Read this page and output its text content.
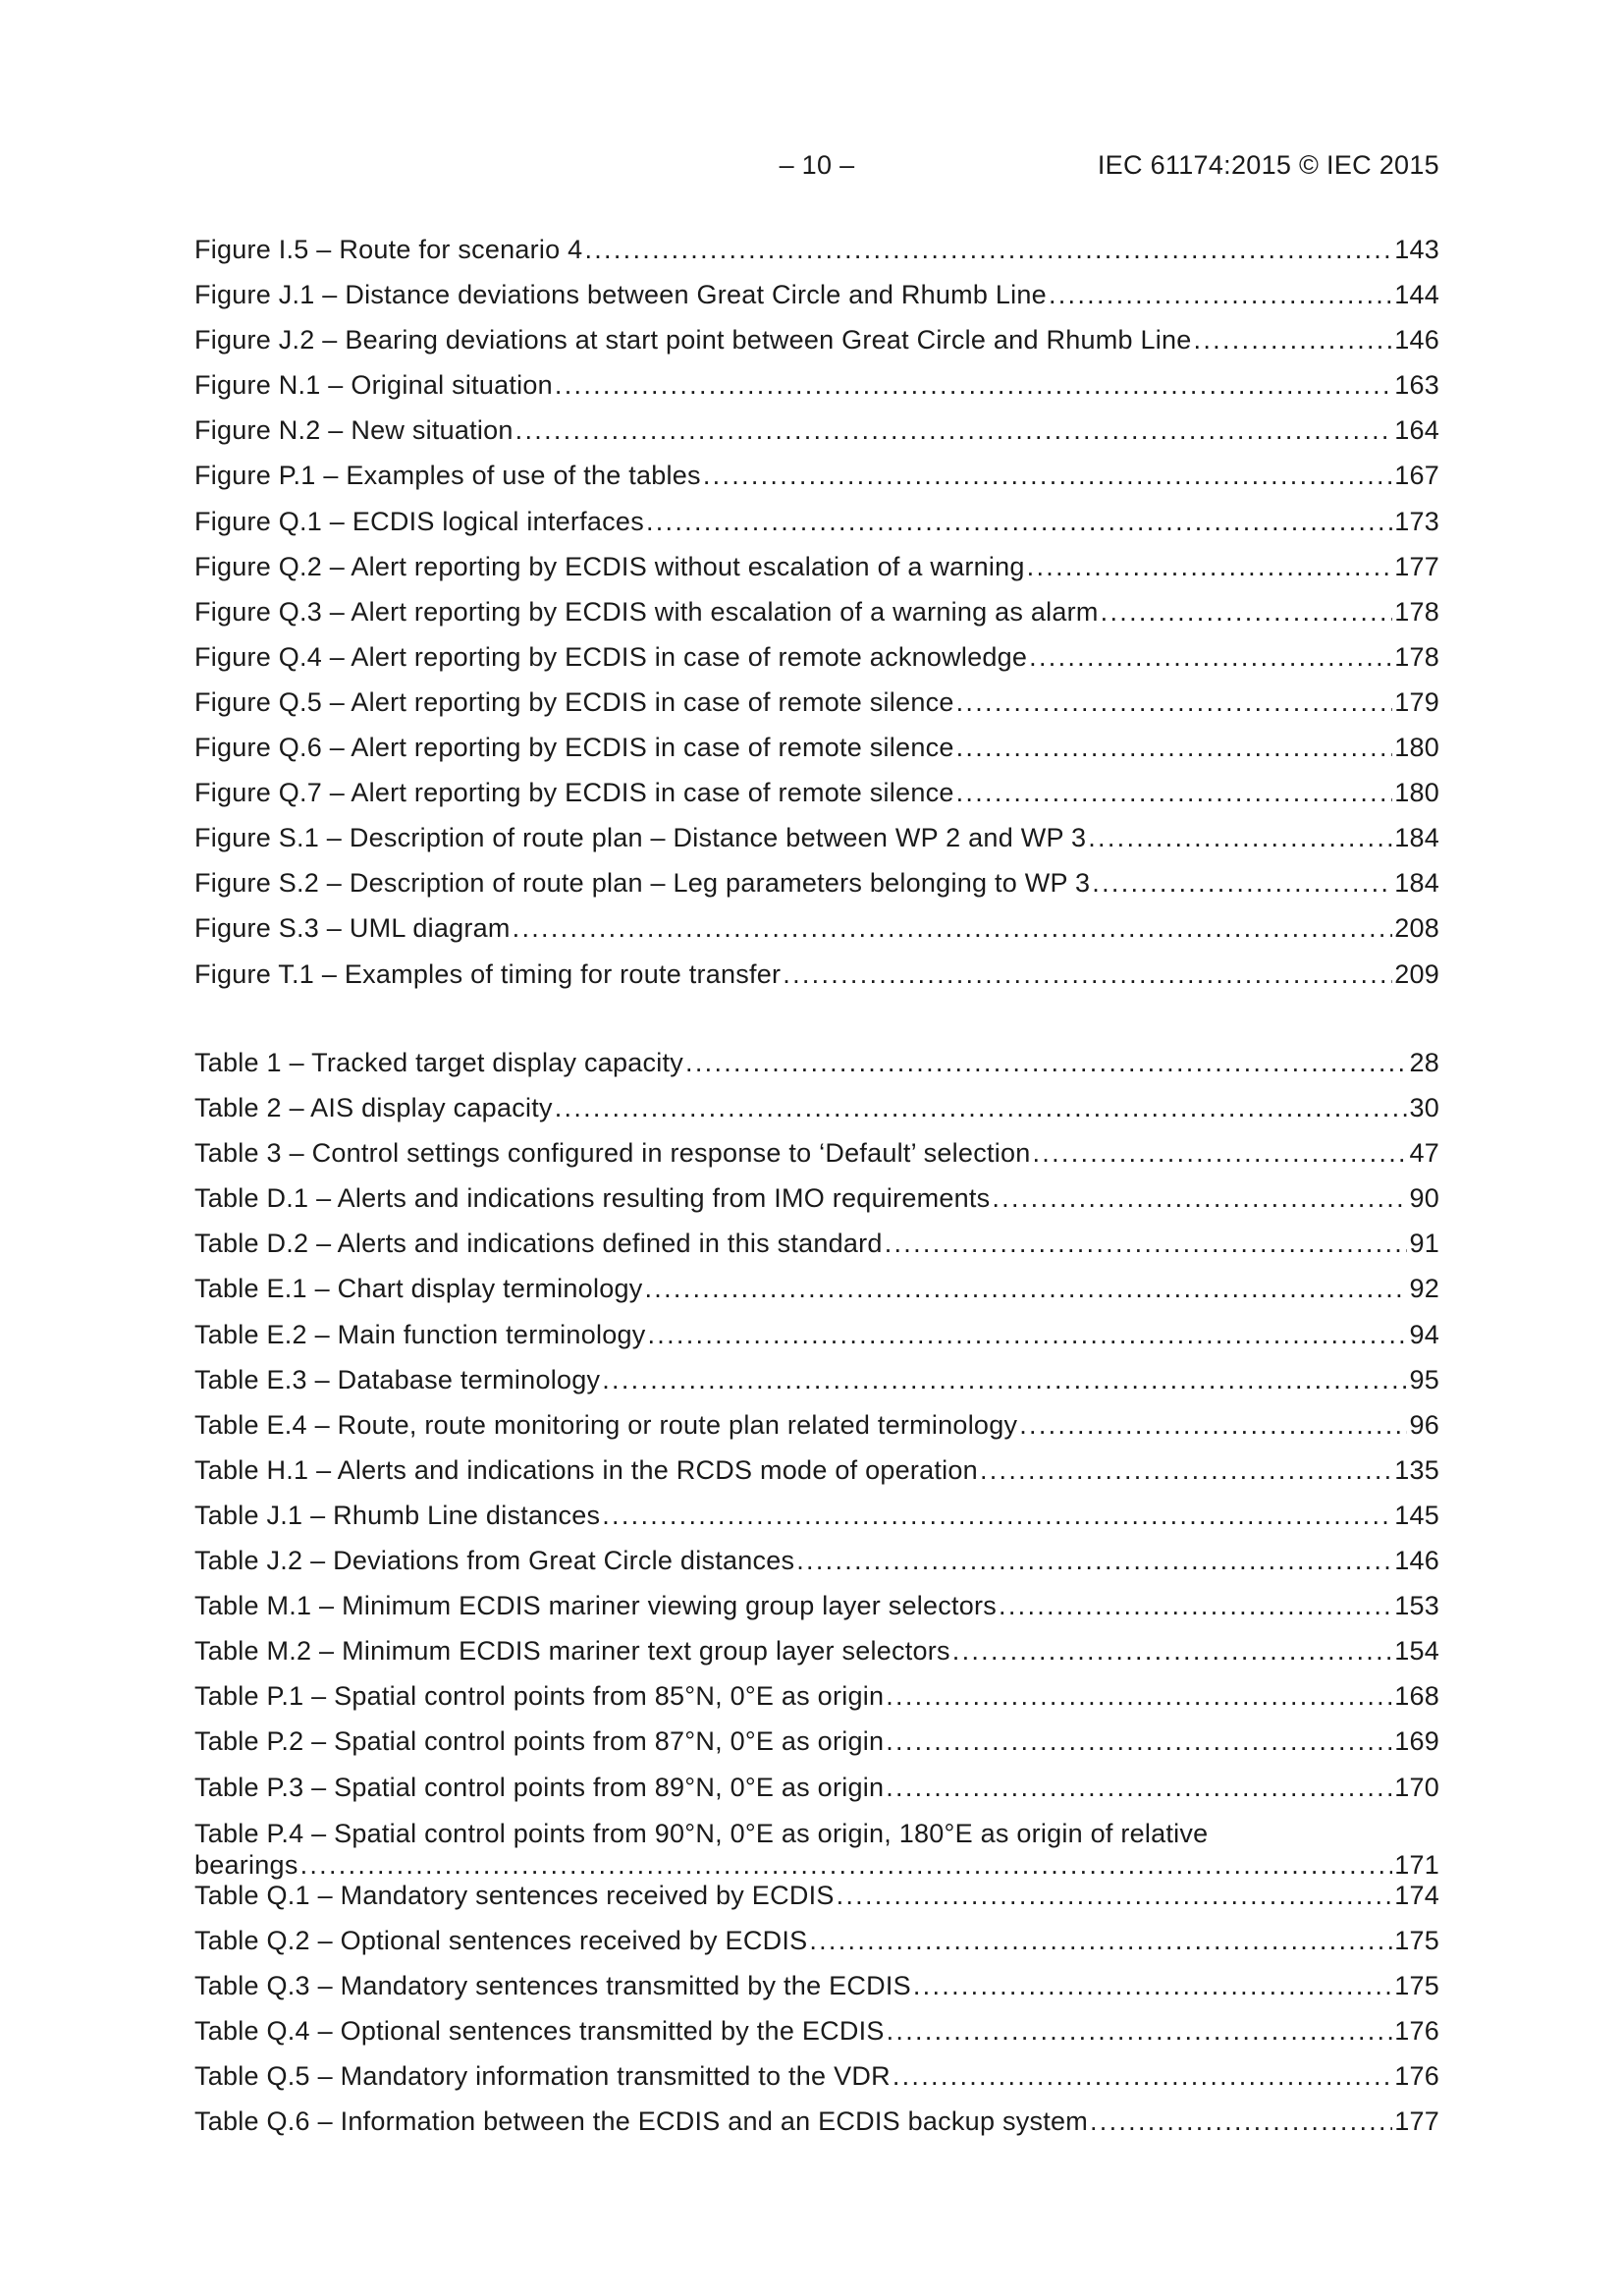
– 10 –	IEC 61174:2015 © IEC 2015
Figure I.5 – Route for scenario 4 . . .	143
Figure J.1 – Distance deviations between Great Circle and Rhumb Line . . .	144
Figure J.2 – Bearing deviations at start point between Great Circle and Rhumb Line . . .	146
Figure N.1 – Original situation . . .	163
Figure N.2 – New situation . . .	164
Figure P.1 – Examples of use of the tables . . .	167
Figure Q.1 – ECDIS logical interfaces . . .	173
Figure Q.2 – Alert reporting by ECDIS without escalation of a warning . . .	177
Figure Q.3 – Alert reporting by ECDIS with escalation of a warning as alarm . . .	178
Figure Q.4 – Alert reporting by ECDIS in case of remote acknowledge . . .	178
Figure Q.5 – Alert reporting by ECDIS in case of remote silence . . .	179
Figure Q.6 – Alert reporting by ECDIS in case of remote silence . . .	180
Figure Q.7 – Alert reporting by ECDIS in case of remote silence . . .	180
Figure S.1 – Description of route plan – Distance between WP 2 and WP 3 . . .	184
Figure S.2 – Description of route plan – Leg parameters belonging to WP 3 . . .	184
Figure S.3 – UML diagram . . .	208
Figure T.1 – Examples of timing for route transfer . . .	209
Table 1 – Tracked target display capacity . . .	28
Table 2 – AIS display capacity . . .	30
Table 3 – Control settings configured in response to ‘Default’ selection . . .	47
Table D.1 – Alerts and indications resulting from IMO requirements . . .	90
Table D.2 – Alerts and indications defined in this standard . . .	91
Table E.1 – Chart display terminology . . .	92
Table E.2 – Main function terminology . . .	94
Table E.3 – Database terminology . . .	95
Table E.4 – Route, route monitoring or route plan related terminology . . .	96
Table H.1 – Alerts and indications in the RCDS mode of operation . . .	135
Table J.1 – Rhumb Line distances . . .	145
Table J.2 – Deviations from Great Circle distances . . .	146
Table M.1 – Minimum ECDIS mariner viewing group layer selectors . . .	153
Table M.2 – Minimum ECDIS mariner text group layer selectors . . .	154
Table P.1 – Spatial control points from 85°N, 0°E as origin . . .	168
Table P.2 – Spatial control points from 87°N, 0°E as origin . . .	169
Table P.3 – Spatial control points from 89°N, 0°E as origin . . .	170
Table P.4 – Spatial control points from 90°N, 0°E as origin, 180°E as origin of relative
bearings . . .	171
Table Q.1 – Mandatory sentences received by ECDIS . . .	174
Table Q.2 – Optional sentences received by ECDIS . . .	175
Table Q.3 – Mandatory sentences transmitted by the ECDIS . . .	175
Table Q.4 – Optional sentences transmitted by the ECDIS . . .	176
Table Q.5 – Mandatory information transmitted to the VDR . . .	176
Table Q.6 – Information between the ECDIS and an ECDIS backup system . . .	177
